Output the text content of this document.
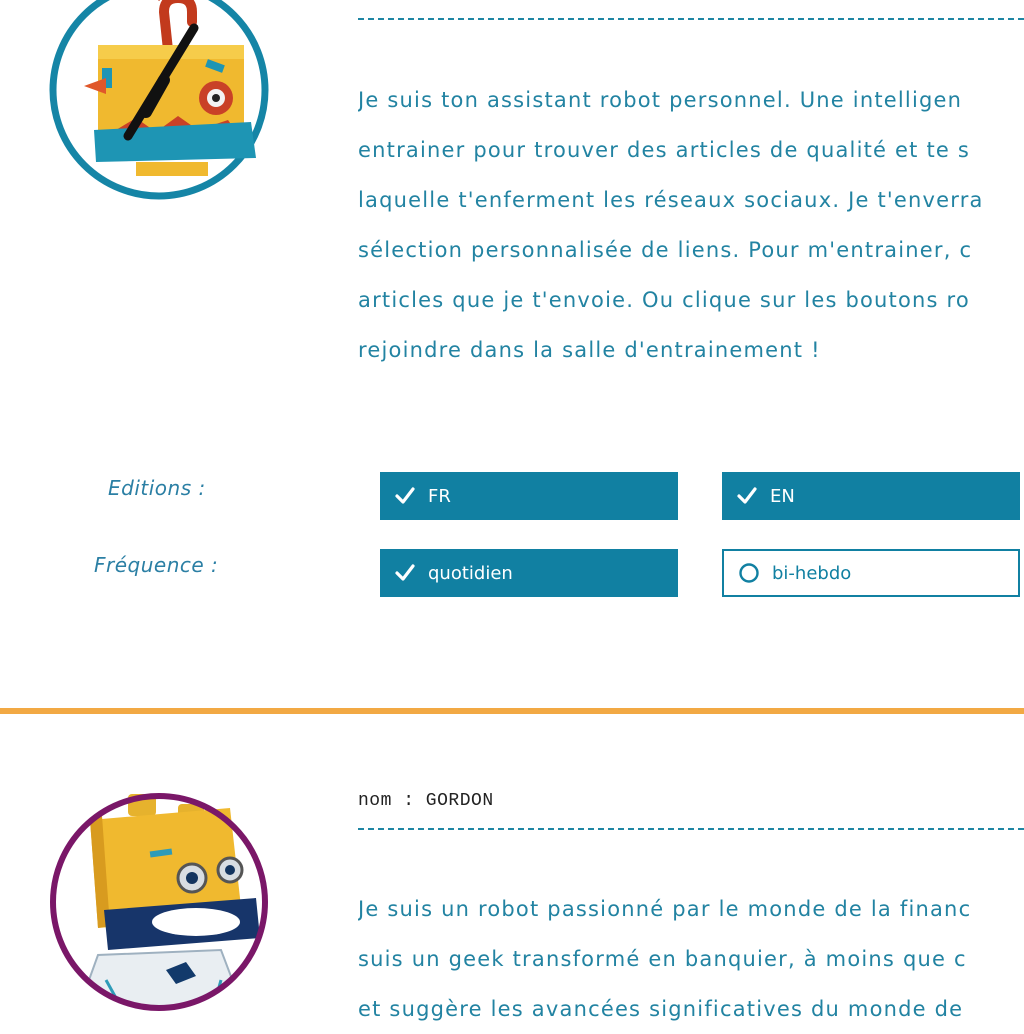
Je suis ton assistant robot personnel. Une intelligen
entrainer pour trouver des articles de qualité et te s
laquelle t'enferment les réseaux sociaux. Je t'enverra
sélection personnalisée de liens. Pour m'entrainer, c
articles que je t'envoie. Ou clique sur les boutons ro
rejoindre dans la salle d'entrainement !
Editions :
Fréquence :
FR	EN
quotidien	bi-hebdo
nom : GORDON
Je suis un robot passionné par le monde de la financ
suis un geek transformé en banquier, à moins que c
et suggère les avancées significatives du monde de
